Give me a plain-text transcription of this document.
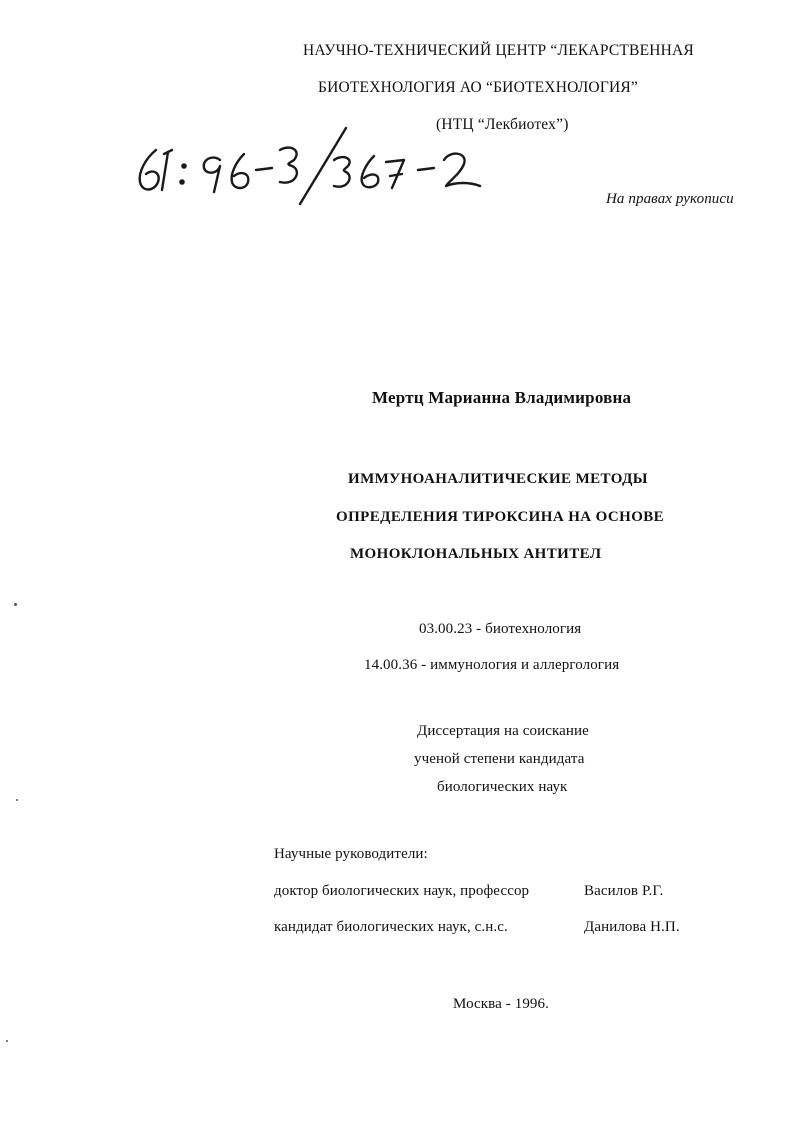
НАУЧНО-ТЕХНИЧЕСКИЙ ЦЕНТР “ЛЕКАРСТВЕННАЯ
БИОТЕХНОЛОГИЯ АО “БИОТЕХНОЛОГИЯ”
(НТЦ “Лекбиотех”)
На правах рукописи
Мертц Марианна Владимировна
ИММУНОАНАЛИТИЧЕСКИЕ МЕТОДЫ
ОПРЕДЕЛЕНИЯ ТИРОКСИНА НА ОСНОВЕ
МОНОКЛОНАЛЬНЫХ АНТИТЕЛ
03.00.23 - биотехнология
14.00.36 - иммунология и аллергология
Диссертация на соискание
ученой степени кандидата
биологических наук
Научные руководители:
доктор биологических наук, профессор	Василов Р.Г.
кандидат биологических наук, с.н.с.	Данилова Н.П.
Москва - 1996.
